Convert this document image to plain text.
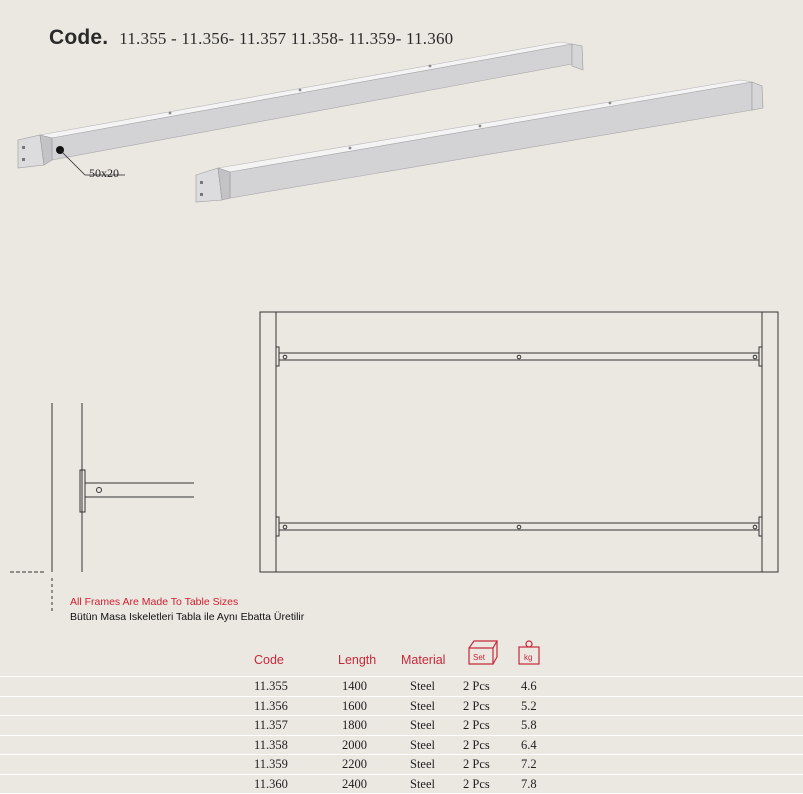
Code. 11.355 - 11.356- 11.357 11.358- 11.359- 11.360
50x20
All Frames Are Made To Table Sizes
Bütün Masa Iskeletleri Tabla ile Aynı Ebatta Üretilir
Code	Length Material	Set	kg
11.355	1400	Steel 2 Pcs	4.6
11.356	1600	Steel 2 Pcs	5.2
11.357	1800	Steel 2 Pcs	5.8
11.358	2000	Steel 2 Pcs	6.4
11.359	2200	Steel 2 Pcs	7.2
11.360	2400	Steel 2 Pcs	7.8
